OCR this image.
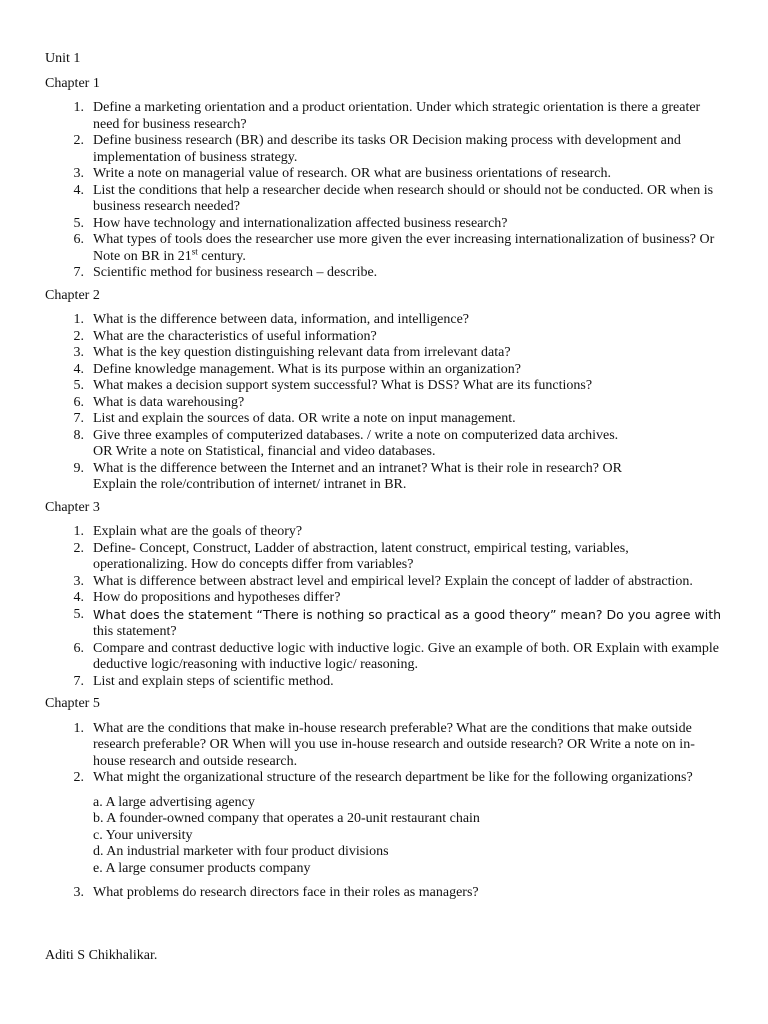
Unit 1
Chapter 1
1 . Define a marketing orientation and a product orientation. Under which strategic orientation is there a greater need for business research?
2 . Define business research (BR) and describe its tasks OR Decision making process with development and implementation of business strategy.
3 . Write a note on managerial value of research. OR what are business orientations of research.
4 . List the conditions that help a researcher decide when research should or should not be conducted. OR when is business research needed?
5 . How have technology and internationalization affected business research?
6 . What types of tools does the researcher use more given the ever increasing internationalization of business? Or Note on BR in 21st century.
7 . Scientific method for business research – describe.
Chapter 2
1 . What is the difference between data, information, and intelligence?
2 . What are the characteristics of useful information?
3 . What is the key question distinguishing relevant data from irrelevant data?
4 . Define knowledge management. What is its purpose within an organization?
5 . What makes a decision support system successful? What is DSS? What are its functions?
6 . What is data warehousing?
7 . List and explain the sources of data. OR write a note on input management.
8 . Give three examples of computerized databases. / write a note on computerized data archives.
OR Write a note on Statistical, financial and video databases.
9 . What is the difference between the Internet and an intranet? What is their role in research? OR
Explain the role/contribution of internet/ intranet in BR.
Chapter 3
1 . Explain what are the goals of theory?
2 . Define- Concept, Construct, Ladder of abstraction, latent construct, empirical testing, variables, operationalizing. How do concepts differ from variables?
3 . What is difference between abstract level and empirical level? Explain the concept of ladder of abstraction.
4 . How do propositions and hypotheses differ?
5 . What does the statement “There is nothing so practical as a good theory” mean? Do you agree with
this statement?
6 . Compare and contrast deductive logic with inductive logic. Give an example of both. OR Explain with example deductive logic/reasoning with inductive logic/ reasoning.
7 . List and explain steps of scientific method.
Chapter 5
1 . What are the conditions that make in-house research preferable? What are the conditions that make outside research preferable? OR When will you use in-house research and outside research? OR Write a note on in-house research and outside research.
2 . What might the organizational structure of the research department be like for the following organizations?
a. A large advertising agency
b. A founder-owned company that operates a 20-unit restaurant chain
c. Your university
d. An industrial marketer with four product divisions
e. A large consumer products company
3 . What problems do research directors face in their roles as managers?
Aditi S Chikhalikar.
